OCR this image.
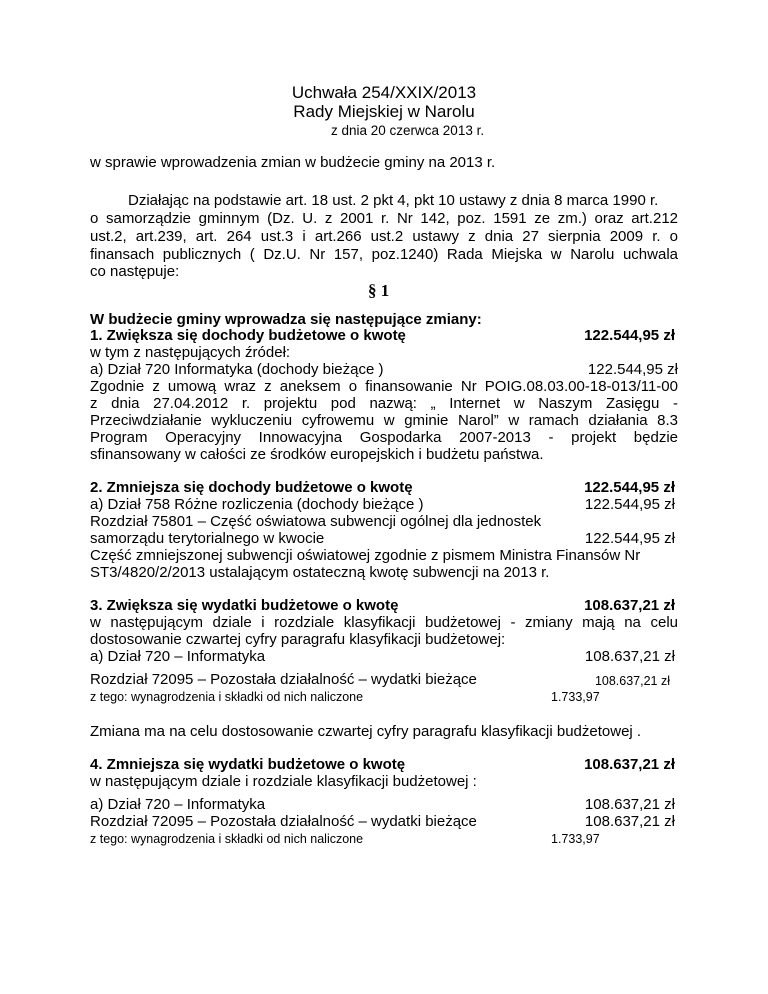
Uchwała 254/XXIX/2013
Rady Miejskiej w Narolu
z dnia 20 czerwca 2013 r.
w sprawie wprowadzenia zmian w budżecie gminy na 2013 r.
Działając na podstawie art. 18 ust. 2 pkt 4, pkt 10 ustawy z dnia 8 marca 1990 r.
o samorządzie gminnym (Dz. U. z 2001 r. Nr 142, poz. 1591 ze zm.) oraz art.212
ust.2, art.239, art. 264 ust.3 i art.266 ust.2 ustawy z dnia 27 sierpnia 2009 r. o
finansach publicznych ( Dz.U. Nr 157, poz.1240) Rada Miejska w Narolu uchwala
co następuje:
§ 1
W budżecie gminy wprowadza się następujące zmiany:
1. Zwiększa się dochody budżetowe o kwotę	122.544,95 zł
w tym z następujących źródeł:
a) Dział 720 Informatyka (dochody bieżące )	122.544,95 zł
Zgodnie z umową wraz z aneksem o finansowanie Nr POIG.08.03.00-18-013/11-00
z dnia 27.04.2012 r. projektu pod nazwą: „ Internet w Naszym Zasięgu -
Przeciwdziałanie wykluczeniu cyfrowemu w gminie Narol” w ramach działania 8.3
Program Operacyjny Innowacyjna Gospodarka 2007-2013 - projekt będzie
sfinansowany w całości ze środków europejskich i budżetu państwa.
2. Zmniejsza się dochody budżetowe o kwotę	122.544,95 zł
a) Dział 758 Różne rozliczenia (dochody bieżące )	122.544,95 zł
Rozdział 75801 – Część oświatowa subwencji ogólnej dla jednostek
samorządu terytorialnego w kwocie	122.544,95 zł
Część zmniejszonej subwencji oświatowej zgodnie z pismem Ministra Finansów Nr
ST3/4820/2/2013 ustalającym ostateczną kwotę subwencji na 2013 r.
3. Zwiększa się wydatki budżetowe o kwotę	108.637,21 zł
w następującym dziale i rozdziale klasyfikacji budżetowej - zmiany mają na celu
dostosowanie czwartej cyfry paragrafu klasyfikacji budżetowej:
a) Dział 720 – Informatyka	108.637,21 zł
Rozdział 72095 – Pozostała działalność – wydatki bieżące	108.637,21 zł
z tego: wynagrodzenia i składki od nich naliczone	1.733,97
Zmiana ma na celu dostosowanie czwartej cyfry paragrafu klasyfikacji budżetowej .
4. Zmniejsza się wydatki budżetowe o kwotę	108.637,21 zł
w następującym dziale i rozdziale klasyfikacji budżetowej :
a) Dział 720 – Informatyka	108.637,21 zł
Rozdział 72095 – Pozostała działalność – wydatki bieżące	108.637,21 zł
z tego: wynagrodzenia i składki od nich naliczone	1.733,97
